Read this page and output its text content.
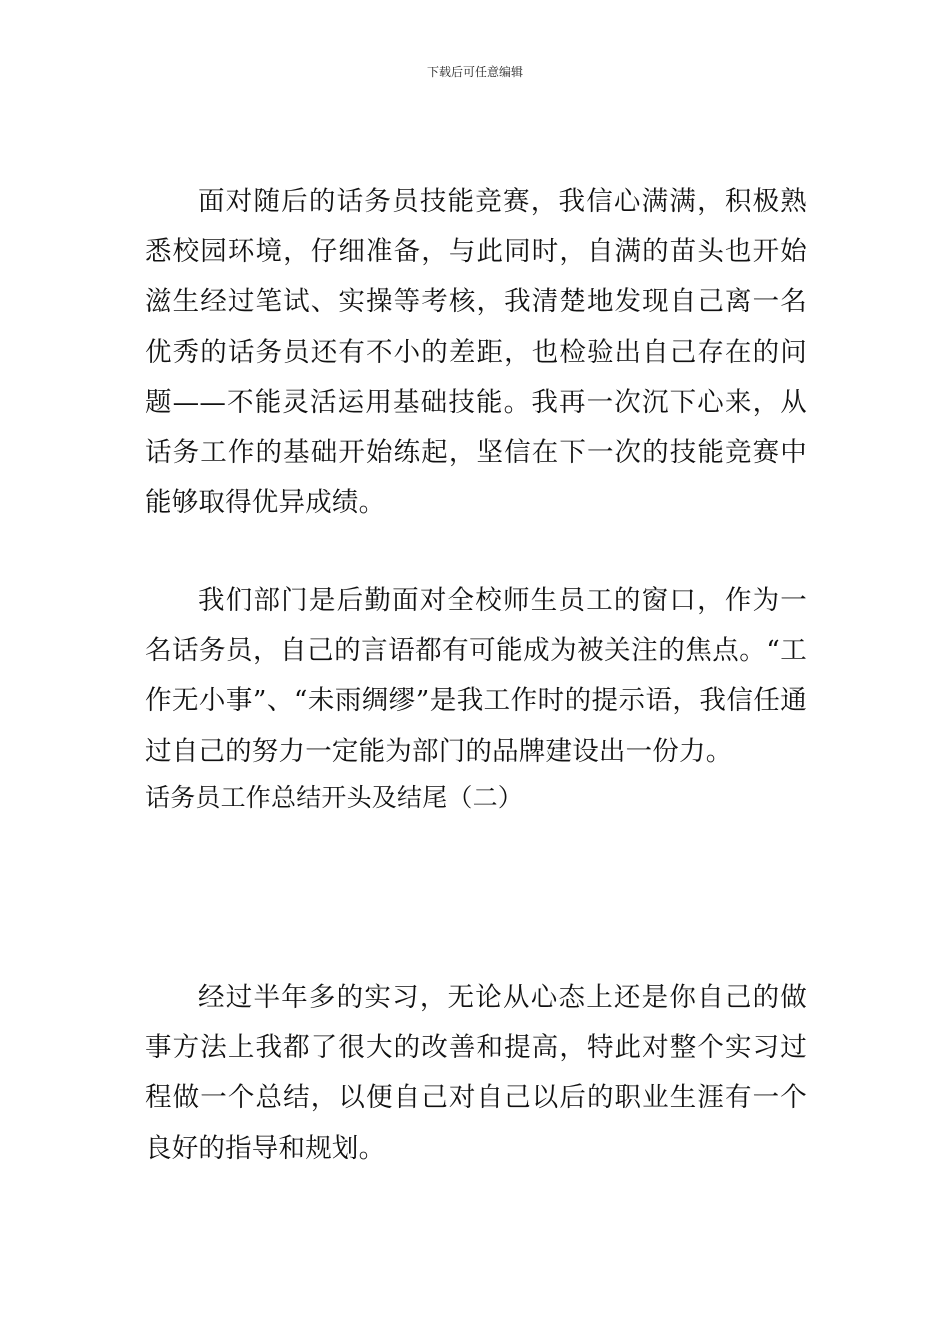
下载后可任意编辑

面对随后的话务员技能竞赛，我信心满满，积极熟悉校园环境，仔细准备，与此同时，自满的苗头也开始滋生经过笔试、实操等考核，我清楚地发现自己离一名优秀的话务员还有不小的差距，也检验出自己存在的问题——不能灵活运用基础技能。我再一次沉下心来，从话务工作的基础开始练起，坚信在下一次的技能竞赛中能够取得优异成绩。

我们部门是后勤面对全校师生员工的窗口，作为一名话务员，自己的言语都有可能成为被关注的焦点。“工作无小事”、“未雨绸缪”是我工作时的提示语，我信任通过自己的努力一定能为部门的品牌建设出一份力。

话务员工作总结开头及结尾（二）

经过半年多的实习，无论从心态上还是你自己的做事方法上我都了很大的改善和提高，特此对整个实习过程做一个总结，以便自己对自己以后的职业生涯有一个良好的指导和规划。
